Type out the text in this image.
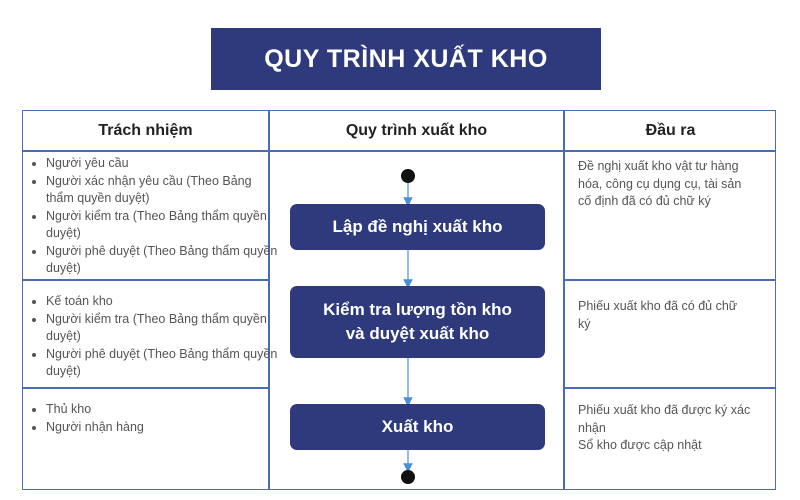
QUY TRÌNH XUẤT KHO
Trách nhiệm	Quy trình xuất kho	Đầu ra
• Người yêu cầu
• Người xác nhận yêu cầu (Theo Bảng thẩm quyền duyệt)
• Người kiểm tra (Theo Bảng thẩm quyền duyệt)
• Người phê duyệt (Theo Bảng thẩm quyền duyệt)
• Kế toán kho
• Người kiểm tra (Theo Bảng thẩm quyền duyệt)
• Người phê duyệt (Theo Bảng thẩm quyền duyệt)
• Thủ kho
• Người nhận hàng
Đề nghị xuất kho vật tư hàng hóa, công cụ dụng cụ, tài sản cố định đã có đủ chữ ký
Phiếu xuất kho đã có đủ chữ ký
Phiếu xuất kho đã được ký xác nhận
Sổ kho được cập nhật
Lập đề nghị xuất kho
Kiểm tra lượng tồn kho
và duyệt xuất kho
Xuất kho
